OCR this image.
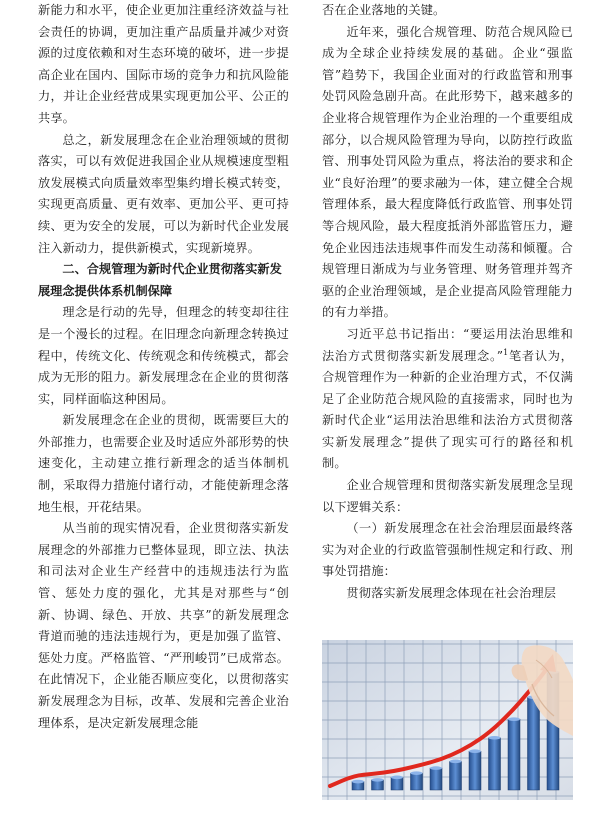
新能力和水平，使企业更加注重经济效益与社会责任的协调，更加注重产品质量并减少对资源的过度依赖和对生态环境的破坏，进一步提高企业在国内、国际市场的竞争力和抗风险能力，并让企业经营成果实现更加公平、公正的共享。

总之，新发展理念在企业治理领域的贯彻落实，可以有效促进我国企业从规模速度型粗放发展模式向质量效率型集约增长模式转变，实现更高质量、更有效率、更加公平、更可持续、更为安全的发展，可以为新时代企业发展注入新动力，提供新模式，实现新境界。

二、合规管理为新时代企业贯彻落实新发展理念提供体系机制保障

理念是行动的先导，但理念的转变却往往是一个漫长的过程。在旧理念向新理念转换过程中，传统文化、传统观念和传统模式，都会成为无形的阻力。新发展理念在企业的贯彻落实，同样面临这种困局。

新发展理念在企业的贯彻，既需要巨大的外部推力，也需要企业及时适应外部形势的快速变化，主动建立推行新理念的适当体制机制，采取得力措施付诸行动，才能使新理念落地生根，开花结果。

从当前的现实情况看，企业贯彻落实新发展理念的外部推力已整体显现，即立法、执法和司法对企业生产经营中的违规违法行为监管、惩处力度的强化，尤其是对那些与“创新、协调、绿色、开放、共享”的新发展理念背道而驰的违法违规行为，更是加强了监管、惩处力度。严格监管、“严刑峻罚”已成常态。在此情况下，企业能否顺应变化，以贯彻落实新发展理念为目标，改革、发展和完善企业治理体系，是决定新发展理念能

否在企业落地的关键。

近年来，强化合规管理、防范合规风险已成为全球企业持续发展的基础。企业“强监管”趋势下，我国企业面对的行政监管和刑事处罚风险急剧升高。在此形势下，越来越多的企业将合规管理作为企业治理的一个重要组成部分，以合规风险管理为导向，以防控行政监管、刑事处罚风险为重点，将法治的要求和企业“良好治理”的要求融为一体，建立健全合规管理体系，最大程度降低行政监管、刑事处罚等合规风险，最大程度抵消外部监管压力，避免企业因违法违规事件而发生动荡和倾覆。合规管理日渐成为与业务管理、财务管理并驾齐驱的企业治理领域，是企业提高风险管理能力的有力举措。

习近平总书记指出：“要运用法治思维和法治方式贯彻落实新发展理念。”$^1$笔者认为，合规管理作为一种新的企业治理方式，不仅满足了企业防范合规风险的直接需求，同时也为新时代企业“运用法治思维和法治方式贯彻落实新发展理念”提供了现实可行的路径和机制。

企业合规管理和贯彻落实新发展理念呈现以下逻辑关系：

（一）新发展理念在社会治理层面最终落实为对企业的行政监管强制性规定和行政、刑事处罚措施：

贯彻落实新发展理念体现在社会治理层
